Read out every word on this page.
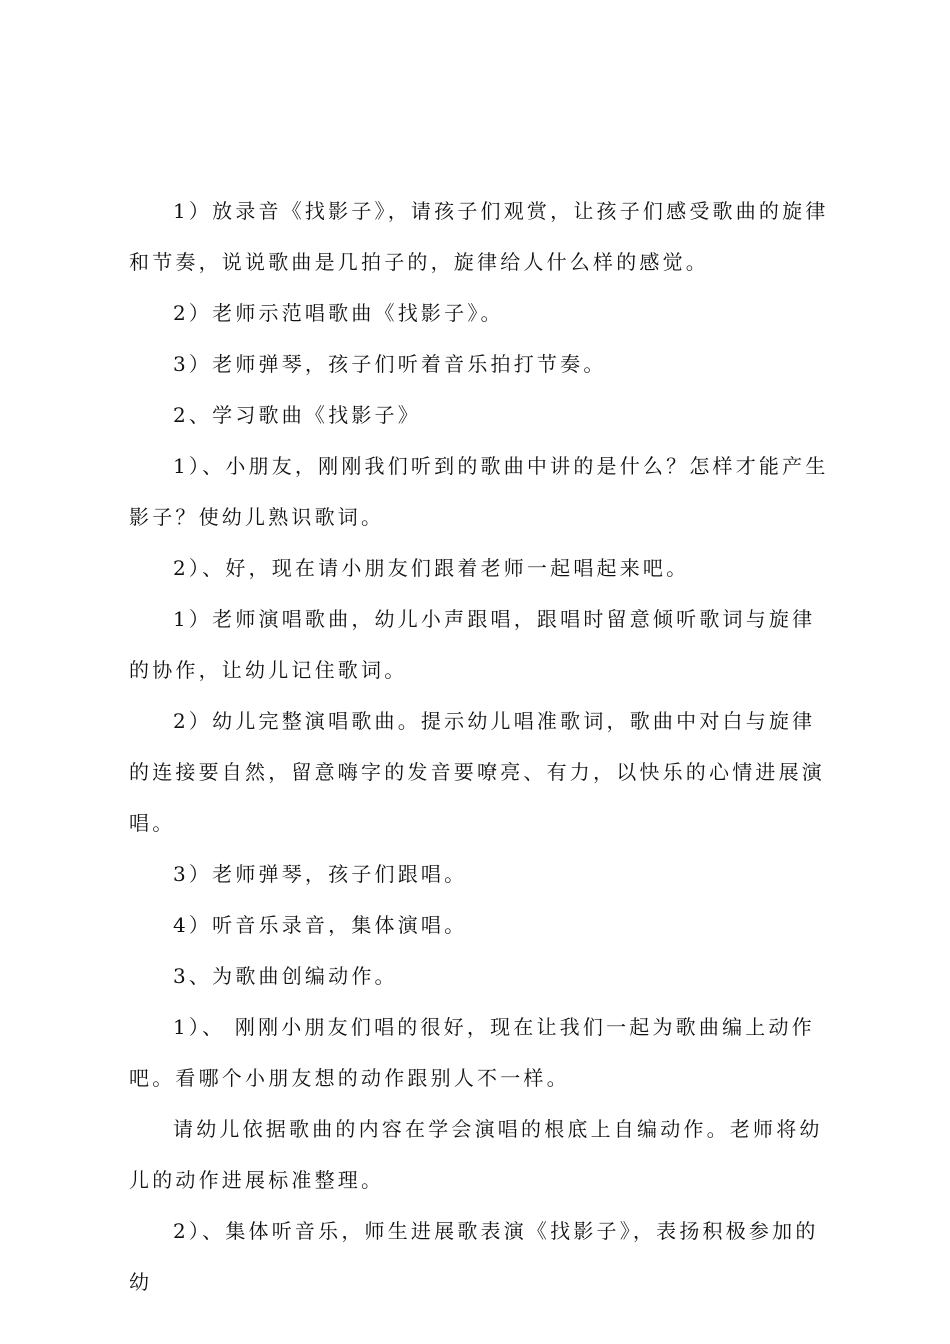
1）放录音《找影子》，请孩子们观赏，让孩子们感受歌曲的旋律和节奏，说说歌曲是几拍子的，旋律给人什么样的感觉。

2）老师示范唱歌曲《找影子》。

3）老师弹琴，孩子们听着音乐拍打节奏。

2、学习歌曲《找影子》

1）、小朋友，刚刚我们听到的歌曲中讲的是什么？怎样才能产生影子？使幼儿熟识歌词。

2）、好，现在请小朋友们跟着老师一起唱起来吧。

1）老师演唱歌曲，幼儿小声跟唱，跟唱时留意倾听歌词与旋律的协作，让幼儿记住歌词。

2）幼儿完整演唱歌曲。提示幼儿唱准歌词，歌曲中对白与旋律的连接要自然，留意嗨字的发音要嘹亮、有力，以快乐的心情进展演唱。

3）老师弹琴，孩子们跟唱。

4）听音乐录音，集体演唱。

3、为歌曲创编动作。

1）、 刚刚小朋友们唱的很好，现在让我们一起为歌曲编上动作吧。看哪个小朋友想的动作跟别人不一样。

请幼儿依据歌曲的内容在学会演唱的根底上自编动作。老师将幼儿的动作进展标准整理。

2）、集体听音乐，师生进展歌表演《找影子》，表扬积极参加的幼
